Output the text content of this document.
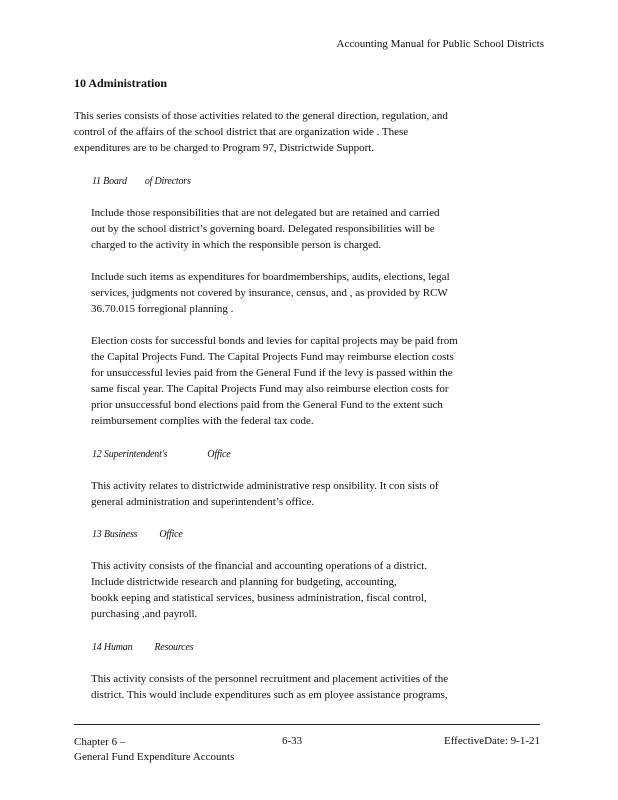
Accounting Manual for Public School Districts
10 Administration

This series consists of those activities related to the general direction, regulation, and
control of the affairs of the school district that are organization wide . These
expenditures are to be charged to Program 97, Districtwide Support.

11 Board of Directors

Include those responsibilities that are not delegated but are retained and carried
out by the school district’s governing board. Delegated responsibilities will be
charged to the activity in which the responsible person is charged.

Include such items as expenditures for boardmemberships, audits, elections, legal
services, judgments not covered by insurance, census, and , as provided by RCW
36.70.015 forregional planning .

Election costs for successful bonds and levies for capital projects may be paid from
the Capital Projects Fund. The Capital Projects Fund may reimburse election costs
for unsuccessful levies paid from the General Fund if the levy is passed within the
same fiscal year. The Capital Projects Fund may also reimburse election costs for
prior unsuccessful bond elections paid from the General Fund to the extent such
reimbursement complies with the federal tax code.

12 Superintendent's	Office

This activity relates to districtwide administrative resp onsibility. It con sists of
general administration and superintendent’s office.

13 Business Office

This activity consists of the financial and accounting operations of a district.
Include districtwide research and planning for budgeting, accounting,
bookk eeping and statistical services, business administration, fiscal control,
purchasing ,and payroll.

14 Human Resources

This activity consists of the personnel recruitment and placement activities of the
district. This would include expenditures such as em ployee assistance programs,

Chapter 6 –
General Fund Expenditure Accounts
6-33	EffectiveDate: 9-1-21
